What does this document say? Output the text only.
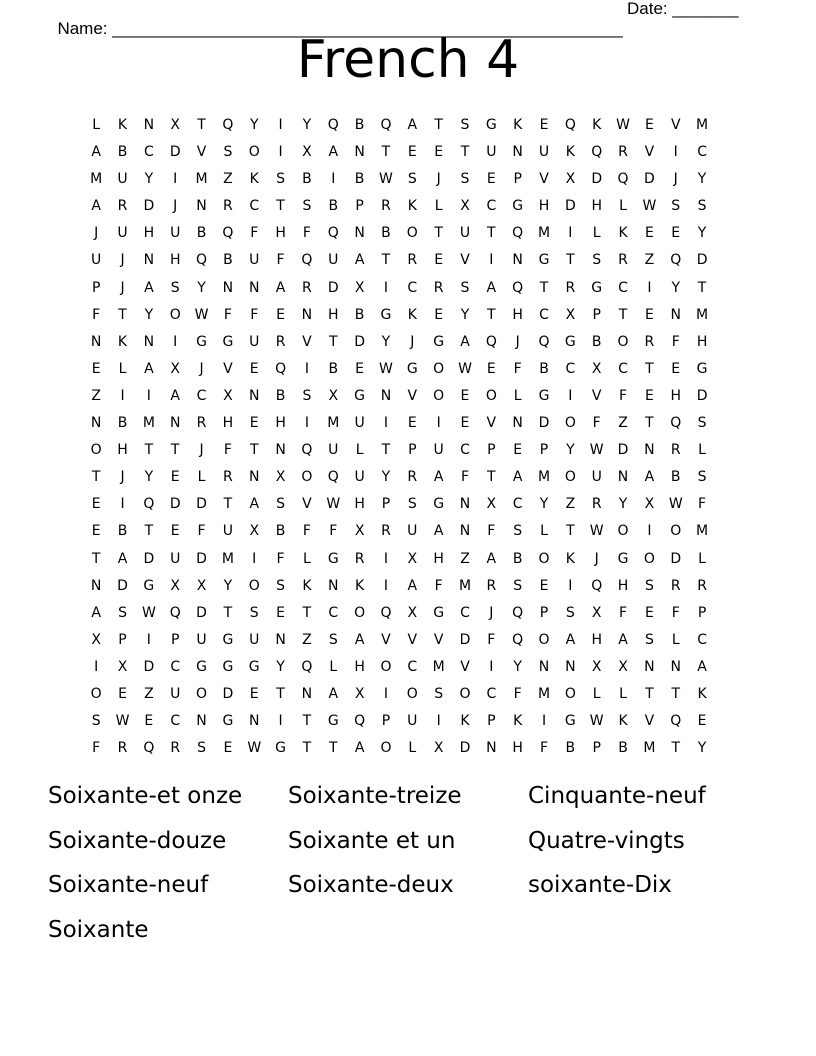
Name: ______________________________________________________

Date: _______

French 4
L	K	N	X	T	Q	Y	I	Y	Q	B	Q	A	T	S	G	K	E	Q	K	W	E	V	M
A	B	C	D	V	S	O	I	X	A	N	T	E	E	T	U	N	U	K	Q	R	V	I	C
M	U	Y	I	M	Z	K	S	B	I	B	W	S	J	S	E	P	V	X	D	Q	D	J	Y
A	R	D	J	N	R	C	T	S	B	P	R	K	L	X	C	G	H	D	H	L	W	S	S
J	U	H	U	B	Q	F	H	F	Q	N	B	O	T	U	T	Q	M	I	L	K	E	E	Y
U	J	N	H	Q	B	U	F	Q	U	A	T	R	E	V	I	N	G	T	S	R	Z	Q	D
P	J	A	S	Y	N	N	A	R	D	X	I	C	R	S	A	Q	T	R	G	C	I	Y	T
F	T	Y	O W	F	F	E	N	H	B	G	K	E	Y	T	H	C	X	P	T	E	N	M
N	K	N	I	G	G	U	R	V	T	D	Y	J	G	A	Q	J	Q	G	B	O	R	F	H
E	L	A	X	J	V	E	Q	I	B	E	W G	O W	E	F	B	C	X	C	T	E	G
Z	I	I	A	C	X	N	B	S	X	G	N	V	O	E	O	L	G	I	V	F	E	H	D
N	B	M	N	R	H	E	H	I	M	U	I	E	I	E	V	N	D	O	F	Z	T	Q	S
O	H	T	T	J	F	T	N	Q	U	L	T	P	U	C	P	E	P	Y	W	D	N	R	L
T	J	Y	E	L	R	N	X	O	Q	U	Y	R	A	F	T	A	M	O	U	N	A	B	S
E	I	Q	D	D	T	A	S	V	W	H	P	S	G	N	X	C	Y	Z	R	Y	X	W	F
E	B	T	E	F	U	X	B	F	F	X	R	U	A	N	F	S	L	T	W O	I	O	M
T	A	D	U	D	M	I	F	L	G	R	I	X	H	Z	A	B	O	K	J	G	O	D	L
N	D	G	X	X	Y	O	S	K	N	K	I	A	F	M	R	S	E	I	Q	H	S	R	R
A	S	W Q	D	T	S	E	T	C	O	Q	X	G	C	J	Q	P	S	X	F	E	F	P
X	P	I	P	U	G	U	N	Z	S	A	V	V	V	D	F	Q	O	A	H	A	S	L	C
I	X	D	C	G	G	G	Y	Q	L	H	O	C	M	V	I	Y	N	N	X	X	N	N	A
O	E	Z	U	O	D	E	T	N	A	X	I	O	S	O	C	F	M	O	L	L	T	T	K
S	W	E	C	N	G	N	I	T	G	Q	P	U	I	K	P	K	I	G	W	K	V	Q	E
F	R	Q	R	S	E	W G	T	T	A	O	L	X	D	N	H	F	B	P	B	M	T	Y
Soixante-et onze	Soixante-treize	Cinquante-neuf
Soixante-douze	Soixante et un	Quatre-vingts
Soixante-neuf	Soixante-deux	soixante-Dix
Soixante
